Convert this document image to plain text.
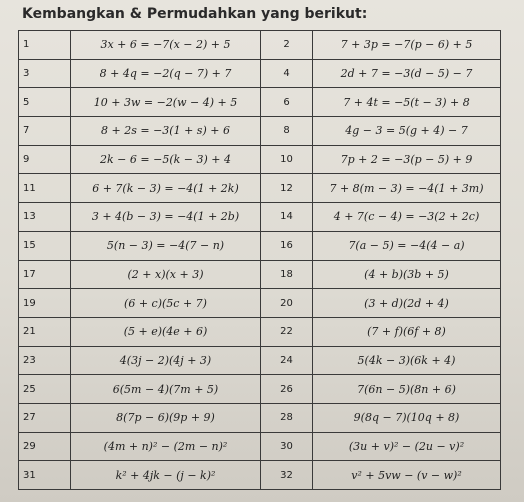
Kembangkan & Permudahkan yang berikut:
1	3x + 6 = −7(x − 2) + 5	2	7 + 3p = −7(p − 6) + 5
3	8 + 4q = −2(q − 7) + 7	4	2d + 7 = −3(d − 5) − 7
5	10 + 3w = −2(w − 4) + 5	6	7 + 4t = −5(t − 3) + 8
7	8 + 2s = −3(1 + s) + 6	8	4g − 3 = 5(g + 4) − 7
9	2k − 6 = −5(k − 3) + 4	10	7p + 2 = −3(p − 5) + 9
11	6 + 7(k − 3) = −4(1 + 2k)	12	7 + 8(m − 3) = −4(1 + 3m)
13	3 + 4(b − 3) = −4(1 + 2b)	14	4 + 7(c − 4) = −3(2 + 2c)
15	5(n − 3) = −4(7 − n)	16	7(a − 5) = −4(4 − a)
17	(2 + x)(x + 3)	18	(4 + b)(3b + 5)
19	(6 + c)(5c + 7)	20	(3 + d)(2d + 4)
21	(5 + e)(4e + 6)	22	(7 + f)(6f + 8)
23	4(3j − 2)(4j + 3)	24	5(4k − 3)(6k + 4)
25	6(5m − 4)(7m + 5)	26	7(6n − 5)(8n + 6)
27	8(7p − 6)(9p + 9)	28	9(8q − 7)(10q + 8)
29	(4m + n)² − (2m − n)²	30	(3u + v)² − (2u − v)²
31	k² + 4jk − (j − k)²	32	v² + 5vw − (v − w)²
